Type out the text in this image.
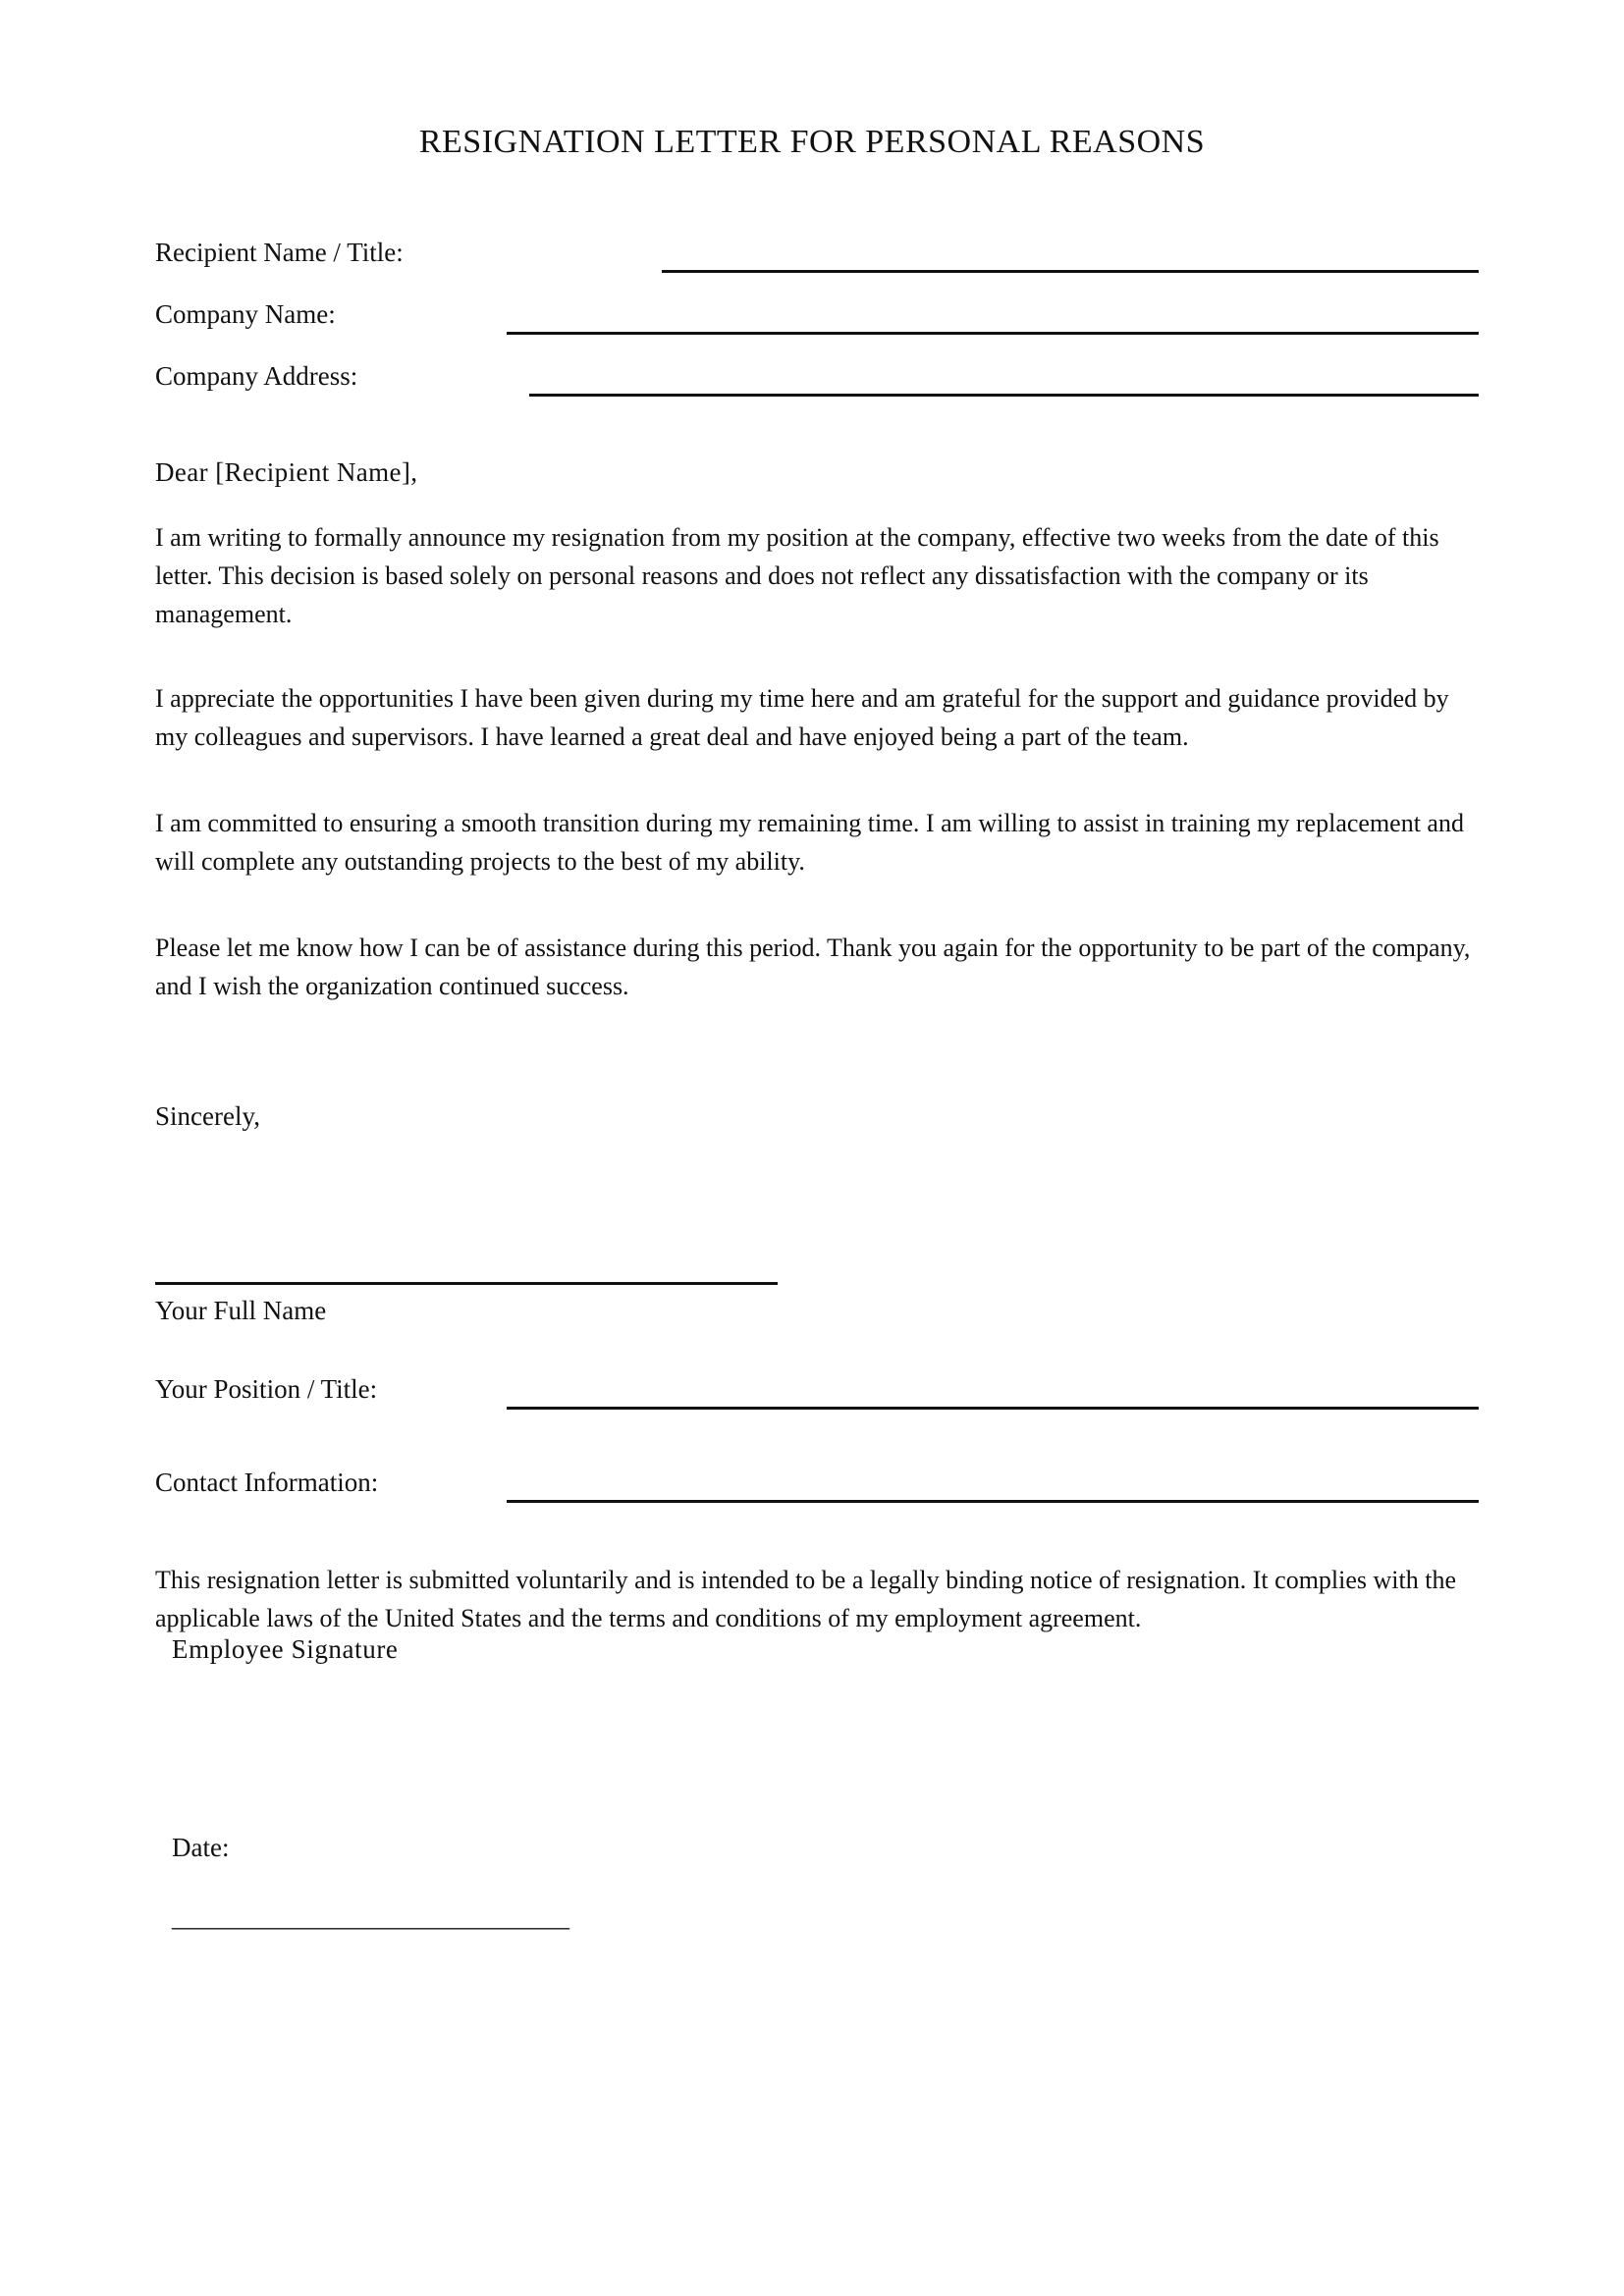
RESIGNATION LETTER FOR PERSONAL REASONS
Recipient Name / Title:
Company Name:
Company Address:
Dear [Recipient Name],

I am writing to formally announce my resignation from my position at the company, effective two weeks from the date of this letter. This decision is based solely on personal reasons and does not reflect any dissatisfaction with the company or its management.

I appreciate the opportunities I have been given during my time here and am grateful for the support and guidance provided by my colleagues and supervisors. I have learned a great deal and have enjoyed being a part of the team.

I am committed to ensuring a smooth transition during my remaining time. I am willing to assist in training my replacement and will complete any outstanding projects to the best of my ability.

Please let me know how I can be of assistance during this period. Thank you again for the opportunity to be part of the company, and I wish the organization continued success.

Sincerely,
Your Full Name
Your Position / Title:
Contact Information:

This resignation letter is submitted voluntarily and is intended to be a legally binding notice of resignation. It complies with the applicable laws of the United States and the terms and conditions of my employment agreement.

Employee Signature
Date:
______________________________
